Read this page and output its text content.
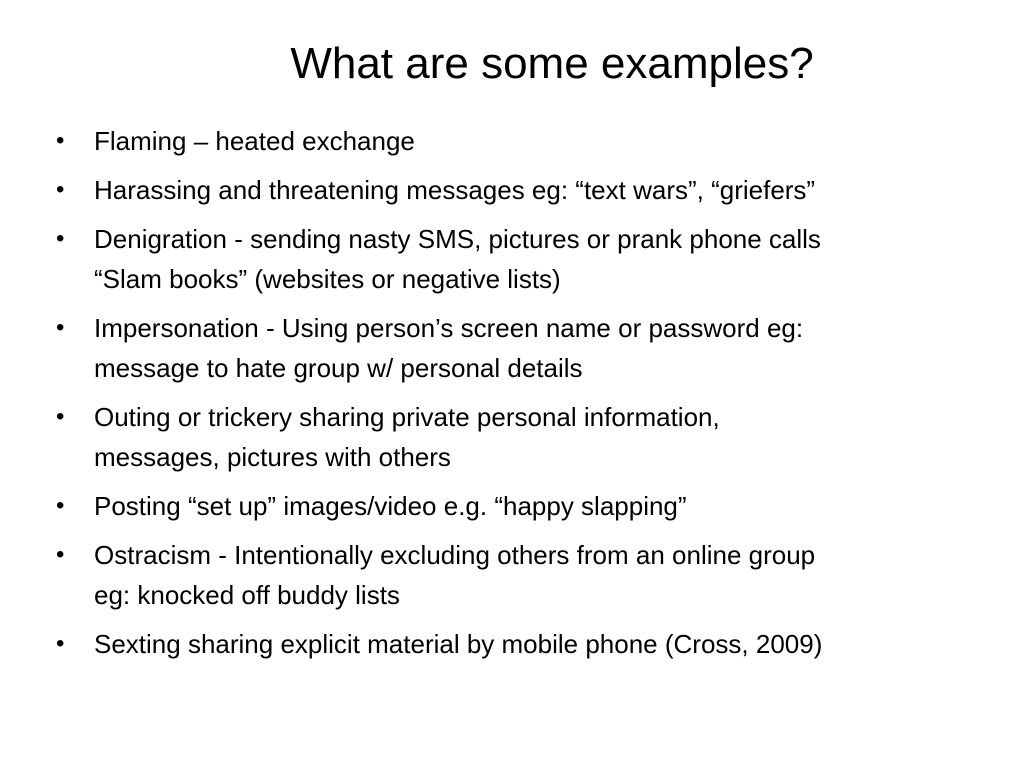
What are some examples?
• Flaming – heated exchange
• Harassing and threatening messages eg: “text wars”, “griefers”
• Denigration - sending nasty SMS, pictures or prank phone calls
“Slam books” (websites or negative lists)
• Impersonation - Using person’s screen name or password eg:
message to hate group w/ personal details
• Outing or trickery sharing private personal information,
messages, pictures with others
• Posting “set up” images/video e.g. “happy slapping”
• Ostracism - Intentionally excluding others from an online group
eg: knocked off buddy lists
• Sexting sharing explicit material by mobile phone (Cross, 2009)
